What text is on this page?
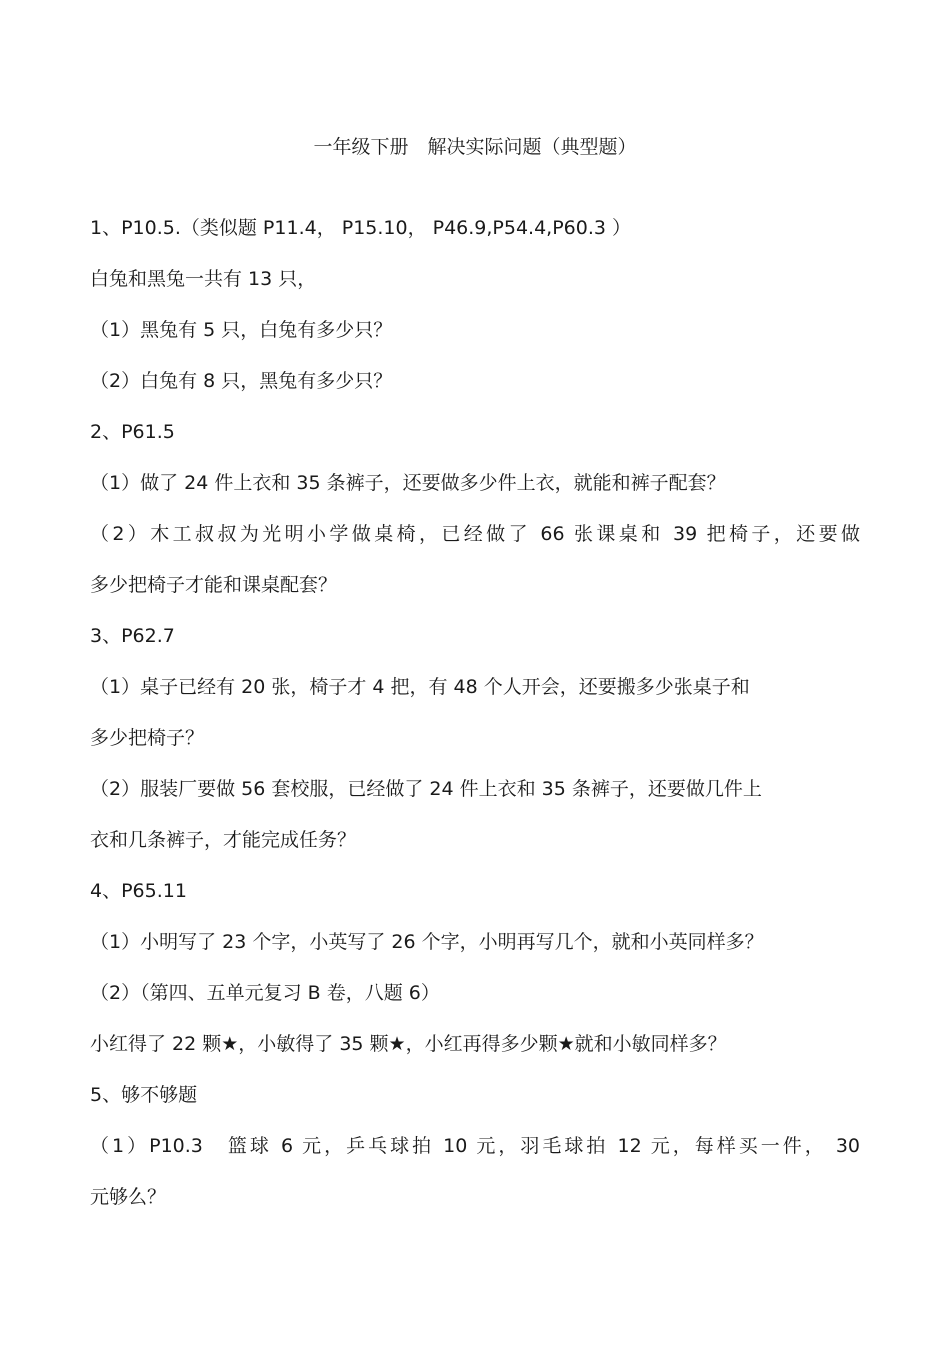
一年级下册　解决实际问题（典型题）
1、P10.5.（类似题 P11.4， P15.10， P46.9,P54.4,P60.3 ）
白兔和黑兔一共有 13 只，
（1）黑兔有 5 只，白兔有多少只？
（2）白兔有 8 只，黑兔有多少只？
2、P61.5
（1）做了 24 件上衣和 35 条裤子，还要做多少件上衣，就能和裤子配套？
（2）木工叔叔为光明小学做桌椅，已经做了 66 张课桌和 39 把椅子，还要做
多少把椅子才能和课桌配套？
3、P62.7
（1）桌子已经有 20 张，椅子才 4 把，有 48 个人开会，还要搬多少张桌子和
多少把椅子？
（2）服装厂要做 56 套校服，已经做了 24 件上衣和 35 条裤子，还要做几件上
衣和几条裤子，才能完成任务？
4、P65.11
（1）小明写了 23 个字，小英写了 26 个字，小明再写几个，就和小英同样多？
（2）（第四、五单元复习 B 卷，八题 6）
小红得了 22 颗★，小敏得了 35 颗★，小红再得多少颗★就和小敏同样多？
5、够不够题
（1）P10.3　篮球 6 元，乒乓球拍 10 元，羽毛球拍 12 元，每样买一件， 30
元够么？
